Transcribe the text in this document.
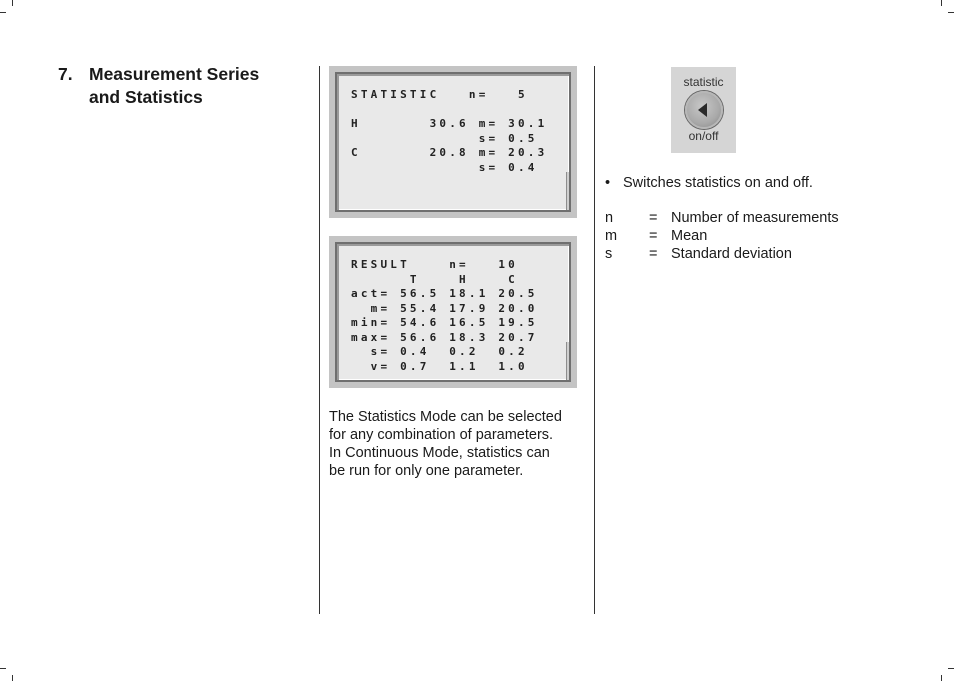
7. Measurement Series
and Statistics	STATISTIC   n=   5
H       30.6 m= 30.1
s= 0.5
C       20.8 m= 20.3
s= 0.4
RESULT    n=   10
T    H    C
act= 56.5 18.1 20.5
m= 55.4 17.9 20.0
min= 54.6 16.5 19.5
max= 56.6 18.3 20.7
s= 0.4  0.2  0.2
v= 0.7  1.1  1.0
The Statistics Mode can be selected
for any combination of parameters.
In Continuous Mode, statistics can
be run for only one parameter.
statistic
on/off
• Switches statistics on and off.
n = Number of measurements
m = Mean
s	= Standard deviation
